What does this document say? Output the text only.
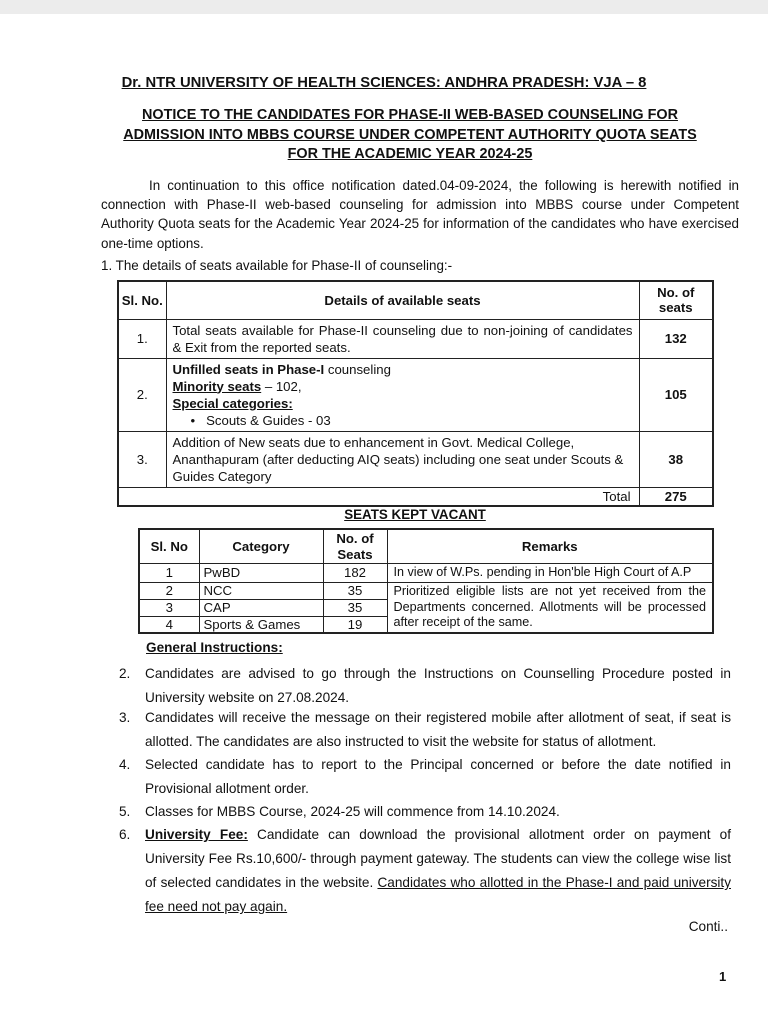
Dr. NTR UNIVERSITY OF HEALTH SCIENCES: ANDHRA PRADESH: VJA – 8
NOTICE TO THE CANDIDATES FOR PHASE-II WEB-BASED COUNSELING FOR
ADMISSION INTO MBBS COURSE UNDER COMPETENT AUTHORITY QUOTA SEATS
FOR THE ACADEMIC YEAR 2024-25

In continuation to this office notification dated.04-09-2024, the following is herewith notified in connection with Phase-II web-based counseling for admission into MBBS course under Competent Authority Quota seats for the Academic Year 2024-25 for information of the candidates who have exercised one-time options.

1. The details of seats available for Phase-II of counseling:-
Sl. No.	Details of available seats	No. of seats
1.	Total seats available for Phase-II counseling due to non-joining of candidates & Exit from the reported seats.	132
2.	Unfilled seats in Phase-I counseling
Minority seats – 102,
Special categories:
•   Scouts & Guides - 03	105
3.	Addition of New seats due to enhancement in Govt. Medical College, Ananthapuram (after deducting AIQ seats) including one seat under Scouts & Guides Category	38
Total		275
SEATS KEPT VACANT
Sl. No	Category	No. of Seats	Remarks
1	PwBD	182	In view of W.Ps. pending in Hon'ble High Court of A.P
2	NCC	35	Prioritized eligible lists are not yet received from the Departments concerned. Allotments will be processed after receipt of the same.
3	CAP	35	
4	Sports & Games	19	
General Instructions:
2. Candidates are advised to go through the Instructions on Counselling Procedure posted in University website on 27.08.2024.
3. Candidates will receive the message on their registered mobile after allotment of seat, if seat is allotted. The candidates are also instructed to visit the website for status of allotment.
4. Selected candidate has to report to the Principal concerned or before the date notified in Provisional allotment order.
5. Classes for MBBS Course, 2024-25 will commence from 14.10.2024.
6. University Fee: Candidate can download the provisional allotment order on payment of University Fee Rs.10,600/- through payment gateway. The students can view the college wise list of selected candidates in the website. Candidates who allotted in the Phase-I and paid university fee need not pay again.
Conti..
1
